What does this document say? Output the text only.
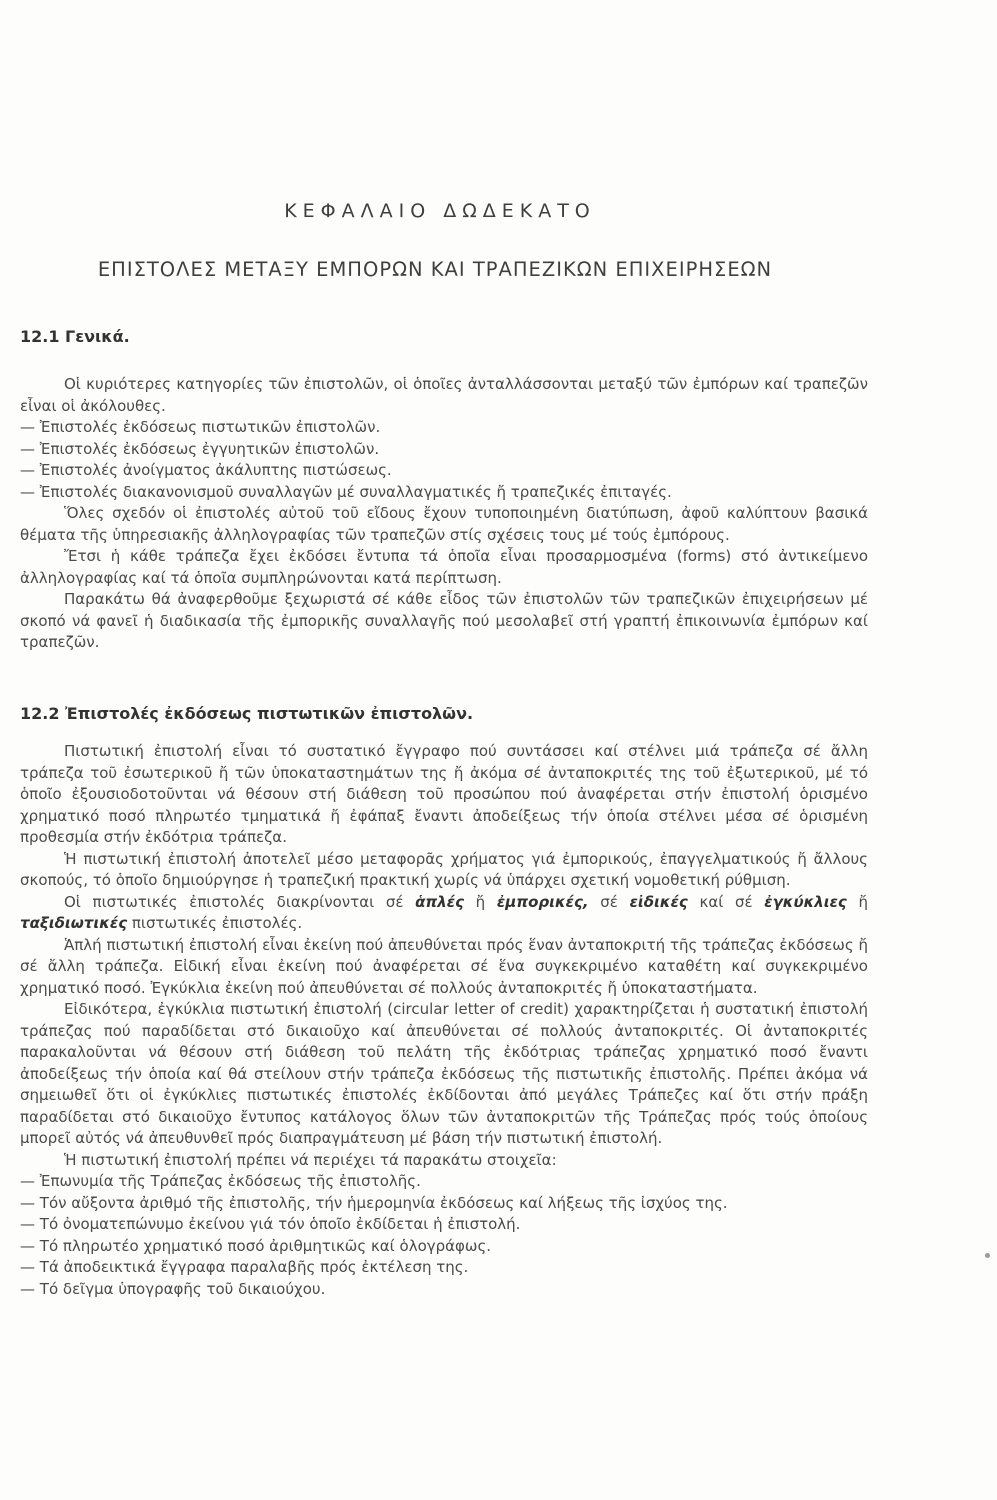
ΚΕΦΑΛΑΙΟ ΔΩΔΕΚΑΤΟ
ΕΠΙΣΤΟΛΕΣ ΜΕΤΑΞΥ ΕΜΠΟΡΩΝ ΚΑΙ ΤΡΑΠΕΖΙΚΩΝ ΕΠΙΧΕΙΡΗΣΕΩΝ
12.1 Γενικά.

Οἱ κυριότερες κατηγορίες τῶν ἐπιστολῶν, οἱ ὁποῖες ἀνταλλάσσονται μεταξύ τῶν ἐμπόρων καί τραπεζῶν εἶναι οἱ ἀκόλουθες.

— Ἐπιστολές ἐκδόσεως πιστωτικῶν ἐπιστολῶν.

— Ἐπιστολές ἐκδόσεως ἐγγυητικῶν ἐπιστολῶν.

— Ἐπιστολές ἀνοίγματος ἀκάλυπτης πιστώσεως.

— Ἐπιστολές διακανονισμοῦ συναλλαγῶν μέ συναλλαγματικές ἤ τραπεζικές ἐπιταγές.

Ὅλες σχεδόν οἱ ἐπιστολές αὐτοῦ τοῦ εἴδους ἔχουν τυποποιημένη διατύπωση, ἀφοῦ καλύπτουν βασικά θέματα τῆς ὑπηρεσιακῆς ἀλληλογραφίας τῶν τραπεζῶν στίς σχέσεις τους μέ τούς ἐμπόρους.

Ἔτσι ἡ κάθε τράπεζα ἔχει ἐκδόσει ἔντυπα τά ὁποῖα εἶναι προσαρμοσμένα (forms) στό ἀντικείμενο ἀλληλογραφίας καί τά ὁποῖα συμπληρώνονται κατά περίπτωση.

Παρακάτω θά ἀναφερθοῦμε ξεχωριστά σέ κάθε εἶδος τῶν ἐπιστολῶν τῶν τραπεζικῶν ἐπιχειρήσεων μέ σκοπό νά φανεῖ ἡ διαδικασία τῆς ἐμπορικῆς συναλλαγῆς πού μεσολαβεῖ στή γραπτή ἐπικοινωνία ἐμπόρων καί τραπεζῶν.

12.2 Ἐπιστολές ἐκδόσεως πιστωτικῶν ἐπιστολῶν.

Πιστωτική ἐπιστολή εἶναι τό συστατικό ἔγγραφο πού συντάσσει καί στέλνει μιά τράπεζα σέ ἄλλη τράπεζα τοῦ ἐσωτερικοῦ ἤ τῶν ὑποκαταστημάτων της ἤ ἀκόμα σέ ἀνταποκριτές της τοῦ ἐξωτερικοῦ, μέ τό ὁποῖο ἐξουσιοδοτοῦνται νά θέσουν στή διάθεση τοῦ προσώπου πού ἀναφέρεται στήν ἐπιστολή ὁρισμένο χρηματικό ποσό πληρωτέο τμηματικά ἤ ἐφάπαξ ἔναντι ἀποδείξεως τήν ὁποία στέλνει μέσα σέ ὁρισμένη προθεσμία στήν ἐκδότρια τράπεζα.

Ἡ πιστωτική ἐπιστολή ἀποτελεῖ μέσο μεταφορᾶς χρήματος γιά ἐμπορικούς, ἐπαγγελματικούς ἤ ἄλλους σκοπούς, τό ὁποῖο δημιούργησε ἡ τραπεζική πρακτική χωρίς νά ὑπάρχει σχετική νομοθετική ρύθμιση.

Οἱ πιστωτικές ἐπιστολές διακρίνονται σέ ἁπλές ἤ ἐμπορικές, σέ εἰδικές καί σέ ἐγκύκλιες ἤ ταξιδιωτικές πιστωτικές ἐπιστολές.

Ἁπλή πιστωτική ἐπιστολή εἶναι ἐκείνη πού ἀπευθύνεται πρός ἕναν ἀνταποκριτή τῆς τράπεζας ἐκδόσεως ἤ σέ ἄλλη τράπεζα. Εἰδική εἶναι ἐκείνη πού ἀναφέρεται σέ ἕνα συγκεκριμένο καταθέτη καί συγκεκριμένο χρηματικό ποσό. Ἐγκύκλια ἐκείνη πού ἀπευθύνεται σέ πολλούς ἀνταποκριτές ἤ ὑποκαταστήματα.

Εἰδικότερα, ἐγκύκλια πιστωτική ἐπιστολή (circular letter of credit) χαρακτηρίζεται ἡ συστατική ἐπιστολή τράπεζας πού παραδίδεται στό δικαιοῦχο καί ἀπευθύνεται σέ πολλούς ἀνταποκριτές. Οἱ ἀνταποκριτές παρακαλοῦνται νά θέσουν στή διάθεση τοῦ πελάτη τῆς ἐκδότριας τράπεζας χρηματικό ποσό ἔναντι ἀποδείξεως τήν ὁποία καί θά στείλουν στήν τράπεζα ἐκδόσεως τῆς πιστωτικῆς ἐπιστολῆς. Πρέπει ἀκόμα νά σημειωθεῖ ὅτι οἱ ἐγκύκλιες πιστωτικές ἐπιστολές ἐκδίδονται ἀπό μεγάλες Τράπεζες καί ὅτι στήν πράξη παραδίδεται στό δικαιοῦχο ἔντυπος κατάλογος ὅλων τῶν ἀνταποκριτῶν τῆς Τράπεζας πρός τούς ὁποίους μπορεῖ αὐτός νά ἀπευθυνθεῖ πρός διαπραγμάτευση μέ βάση τήν πιστωτική ἐπιστολή.

Ἡ πιστωτική ἐπιστολή πρέπει νά περιέχει τά παρακάτω στοιχεῖα:

— Ἐπωνυμία τῆς Τράπεζας ἐκδόσεως τῆς ἐπιστολῆς.

— Τόν αὔξοντα ἀριθμό τῆς ἐπιστολῆς, τήν ἡμερομηνία ἐκδόσεως καί λήξεως τῆς ἰσχύος της.

— Τό ὀνοματεπώνυμο ἐκείνου γιά τόν ὁποῖο ἐκδίδεται ἡ ἐπιστολή.

— Τό πληρωτέο χρηματικό ποσό ἀριθμητικῶς καί ὁλογράφως.

— Τά ἀποδεικτικά ἔγγραφα παραλαβῆς πρός ἐκτέλεση της.

— Τό δεῖγμα ὑπογραφῆς τοῦ δικαιούχου.
